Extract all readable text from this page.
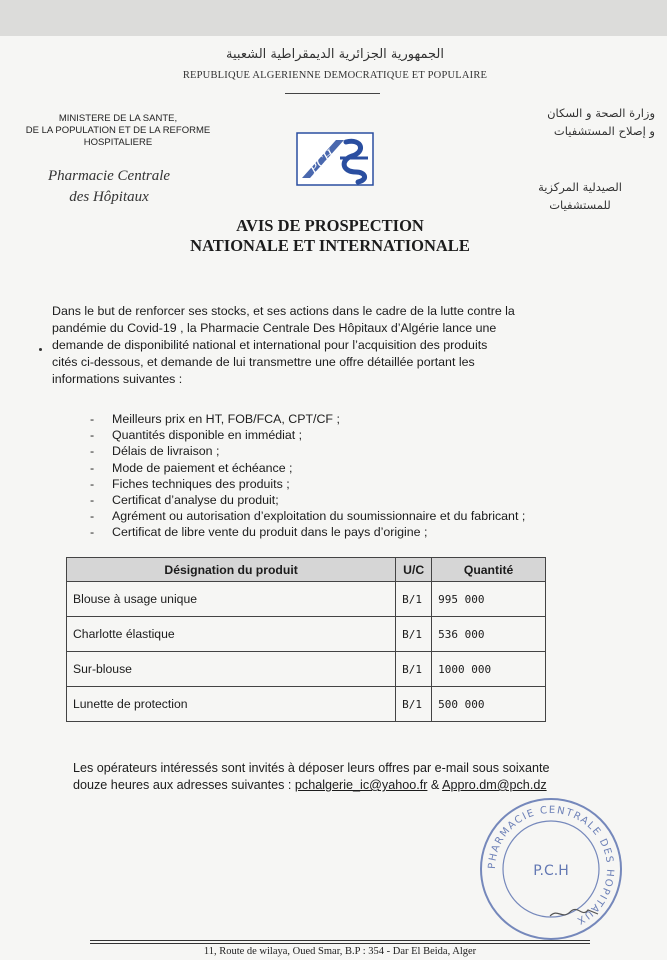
الجمهورية الجزائرية الديمقراطية الشعبية
REPUBLIQUE ALGERIENNE DEMOCRATIQUE ET POPULAIRE
MINISTERE DE LA SANTE,
DE LA POPULATION ET DE LA REFORME
HOSPITALIERE
Pharmacie Centrale
des Hôpitaux
وزارة الصحة و السكان
و إصلاح المستشفيات
الصيدلية المركزية
للمستشفيات
PCH
AVIS DE PROSPECTION
NATIONALE ET INTERNATIONALE
Dans le but de renforcer ses stocks, et ses actions dans le cadre de la lutte contre la
pandémie du Covid-19 , la Pharmacie Centrale Des Hôpitaux d’Algérie lance une
demande de disponibilité national et international pour l’acquisition des produits
cités ci-dessous, et demande de lui transmettre une offre détaillée portant les
informations suivantes :
- Meilleurs prix en HT, FOB/FCA, CPT/CF ;
- Quantités disponible en immédiat ;
- Délais de livraison ;
- Mode de paiement et échéance ;
- Fiches techniques des produits ;
- Certificat d’analyse du produit;
- Agrément ou autorisation d’exploitation du soumissionnaire et du fabricant ;
- Certificat de libre vente du produit dans le pays d’origine ;
Désignation du produit	U/C	Quantité
Blouse à usage unique	B/1	995 000
Charlotte élastique	B/1	536 000
Sur-blouse	B/1	1000 000
Lunette de protection	B/1	500 000
Les opérateurs intéressés sont invités à déposer leurs offres par e-mail sous soixante
douze heures aux adresses suivantes : pchalgerie_ic@yahoo.fr & Appro.dm@pch.dz
PHARMACIE CENTRALE DES HOPITAUX
P.C.H
11, Route de wilaya, Oued Smar, B.P : 354 - Dar El Beida, Alger
